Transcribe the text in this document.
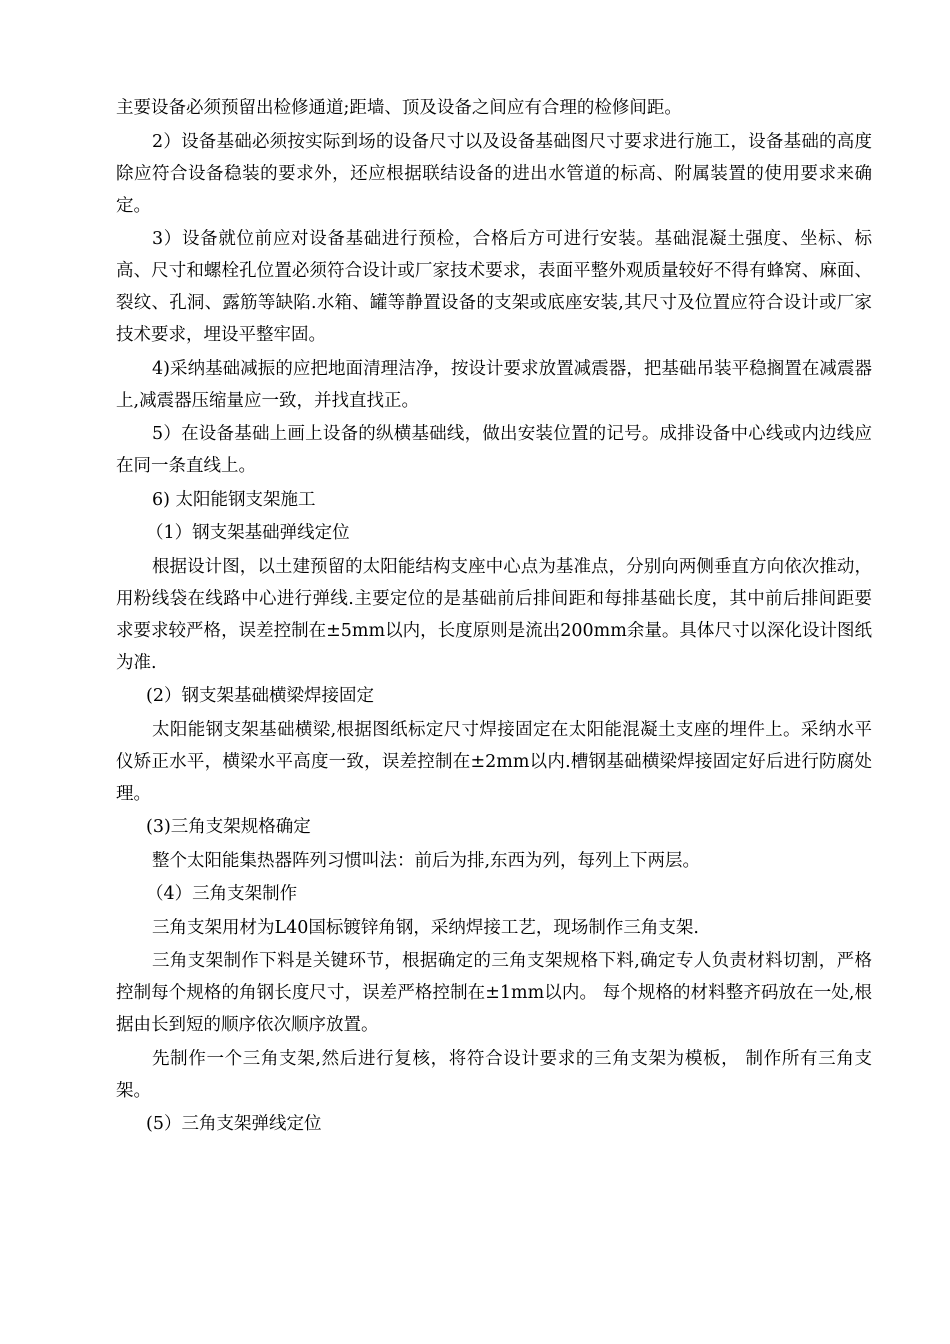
主要设备必须预留出检修通道;距墙、顶及设备之间应有合理的检修间距。

2）设备基础必须按实际到场的设备尺寸以及设备基础图尺寸要求进行施工，设备基础的高度除应符合设备稳装的要求外，还应根据联结设备的进出水管道的标高、附属装置的使用要求来确定。

3）设备就位前应对设备基础进行预检，合格后方可进行安装。基础混凝土强度、坐标、标高、尺寸和螺栓孔位置必须符合设计或厂家技术要求，表面平整外观质量较好不得有蜂窝、麻面、裂纹、孔洞、露筋等缺陷.水箱、罐等静置设备的支架或底座安装,其尺寸及位置应符合设计或厂家技术要求，埋设平整牢固。

4)采纳基础减振的应把地面清理洁净，按设计要求放置减震器，把基础吊装平稳搁置在减震器上,减震器压缩量应一致，并找直找正。

5）在设备基础上画上设备的纵横基础线，做出安装位置的记号。成排设备中心线或内边线应在同一条直线上。

6) 太阳能钢支架施工

（1）钢支架基础弹线定位

根据设计图，以土建预留的太阳能结构支座中心点为基准点，分别向两侧垂直方向依次推动，用粉线袋在线路中心进行弹线.主要定位的是基础前后排间距和每排基础长度，其中前后排间距要求要求较严格，误差控制在±5mm以内，长度原则是流出200mm余量。具体尺寸以深化设计图纸为准.

(2）钢支架基础横梁焊接固定

太阳能钢支架基础横梁,根据图纸标定尺寸焊接固定在太阳能混凝土支座的埋件上。采纳水平仪矫正水平，横梁水平高度一致，误差控制在±2mm以内.槽钢基础横梁焊接固定好后进行防腐处理。

(3)三角支架规格确定

整个太阳能集热器阵列习惯叫法：前后为排,东西为列，每列上下两层。

（4）三角支架制作

三角支架用材为L40国标镀锌角钢，采纳焊接工艺，现场制作三角支架.

三角支架制作下料是关键环节，根据确定的三角支架规格下料,确定专人负责材料切割，严格控制每个规格的角钢长度尺寸，误差严格控制在±1mm以内。 每个规格的材料整齐码放在一处,根据由长到短的顺序依次顺序放置。

先制作一个三角支架,然后进行复核，将符合设计要求的三角支架为模板， 制作所有三角支架。

(5）三角支架弹线定位
